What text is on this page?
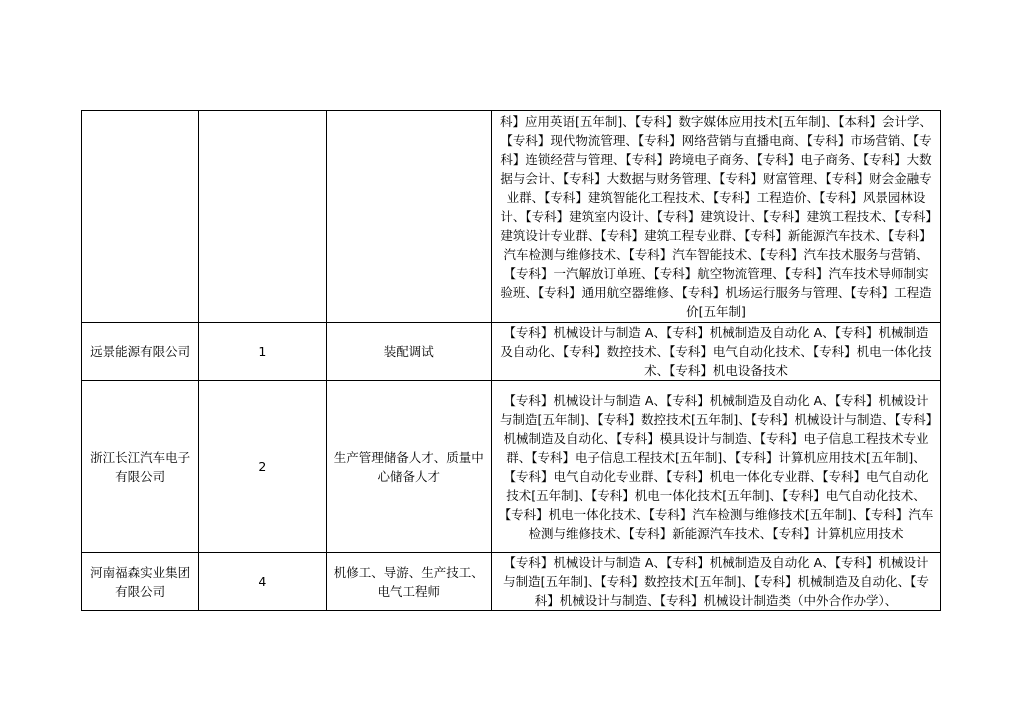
			科】应用英语[五年制]、【专科】数字媒体应用技术[五年制]、【本科】会计学、【专科】现代物流管理、【专科】网络营销与直播电商、【专科】市场营销、【专科】连锁经营与管理、【专科】跨境电子商务、【专科】电子商务、【专科】大数据与会计、【专科】大数据与财务管理、【专科】财富管理、【专科】财会金融专业群、【专科】建筑智能化工程技术、【专科】工程造价、【专科】风景园林设计、【专科】建筑室内设计、【专科】建筑设计、【专科】建筑工程技术、【专科】建筑设计专业群、【专科】建筑工程专业群、【专科】新能源汽车技术、【专科】汽车检测与维修技术、【专科】汽车智能技术、【专科】汽车技术服务与营销、【专科】一汽解放订单班、【专科】航空物流管理、【专科】汽车技术导师制实验班、【专科】通用航空器维修、【专科】机场运行服务与管理、【专科】工程造价[五年制]
远景能源有限公司	1	装配调试	【专科】机械设计与制造 A、【专科】机械制造及自动化 A、【专科】机械制造及自动化、【专科】数控技术、【专科】电气自动化技术、【专科】机电一体化技术、【专科】机电设备技术
浙江长江汽车电子有限公司	2	生产管理储备人才、质量中心储备人才	【专科】机械设计与制造 A、【专科】机械制造及自动化 A、【专科】机械设计与制造[五年制]、【专科】数控技术[五年制]、【专科】机械设计与制造、【专科】机械制造及自动化、【专科】模具设计与制造、【专科】电子信息工程技术专业群、【专科】电子信息工程技术[五年制]、【专科】计算机应用技术[五年制]、【专科】电气自动化专业群、【专科】机电一体化专业群、【专科】电气自动化技术[五年制]、【专科】机电一体化技术[五年制]、【专科】电气自动化技术、【专科】机电一体化技术、【专科】汽车检测与维修技术[五年制]、【专科】汽车检测与维修技术、【专科】新能源汽车技术、【专科】计算机应用技术
河南福森实业集团有限公司	4	机修工、导游、生产技工、电气工程师	【专科】机械设计与制造 A、【专科】机械制造及自动化 A、【专科】机械设计与制造[五年制]、【专科】数控技术[五年制]、【专科】机械制造及自动化、【专科】机械设计与制造、【专科】机械设计制造类（中外合作办学）、
